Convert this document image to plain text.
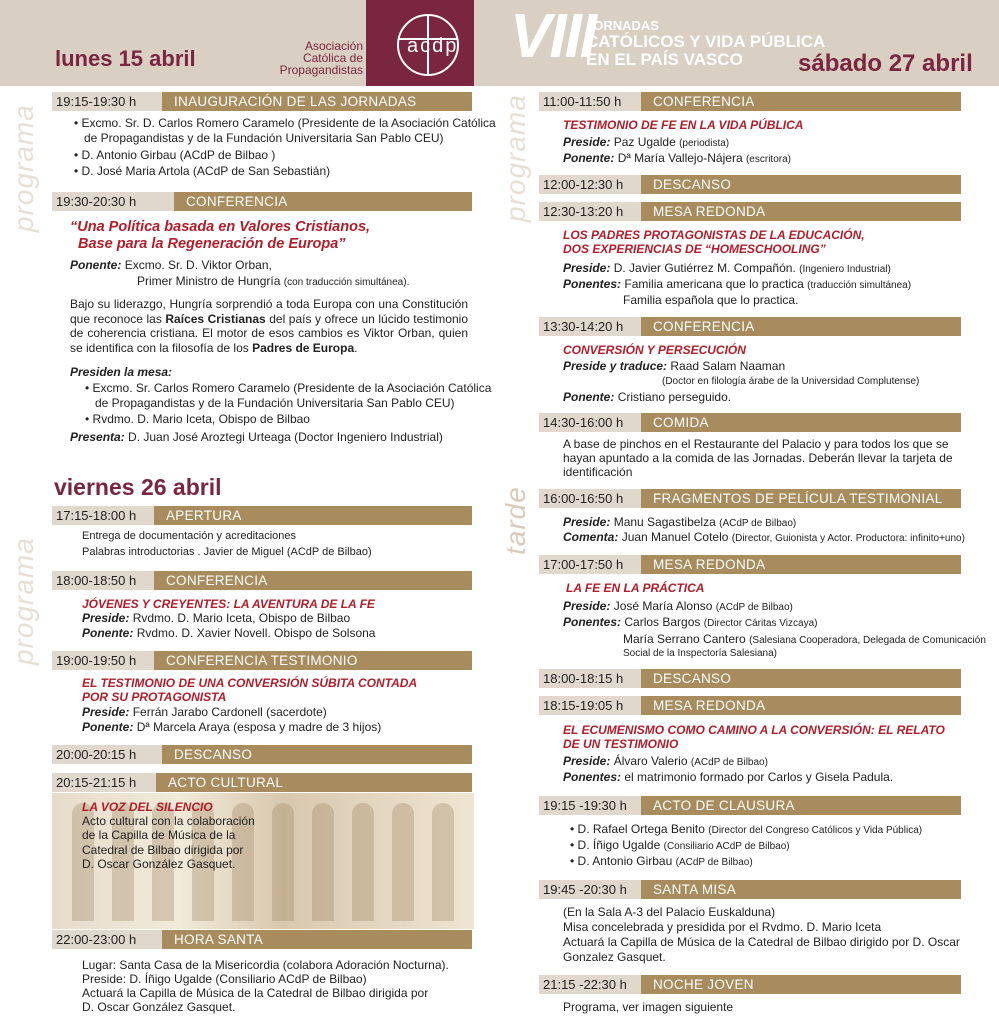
lunes 15 abril	Asociación
Católica de
Propagandistas
acdp VIII
JORNADAS
CATÓLICOS Y VIDA PÚBLICA
EN EL PAÍS VASCO	sábado 27 abril
programa
programa
programa
tarde
19:15-19:30 h	INAUGURACIÓN DE LAS JORNADAS
• Excmo. Sr. D. Carlos Romero Caramelo (Presidente de la Asociación Católica
de Propagandistas y de la Fundación Universitaria San Pablo CEU)
• D. Antonio Girbau (ACdP de Bilbao )
• D. José Maria Artola (ACdP de San Sebastián)
19:30-20:30 h	CONFERENCIA
“Una Política basada en Valores Cristianos,
Base para la Regeneración de Europa”
Ponente: Excmo. Sr. D. Viktor Orban,
Primer Ministro de Hungría (con traducción simultánea).
Bajo su liderazgo, Hungría sorprendió a toda Europa con una Constitución que reconoce las Raíces Cristianas del país y ofrece un lúcido testimonio de coherencia cristiana. El motor de esos cambios es Viktor Orban, quien se identifica con la filosofía de los Padres de Europa.
Presiden la mesa:
• Excmo. Sr. Carlos Romero Caramelo (Presidente de la Asociación Católica
de Propagandistas y de la Fundación Universitaria San Pablo CEU)
• Rvdmo. D. Mario Iceta, Obispo de Bilbao
Presenta: D. Juan José Aroztegi Urteaga (Doctor Ingeniero Industrial)
viernes 26 abril
17:15-18:00 h	APERTURA
Entrega de documentación y acreditaciones
Palabras introductorias . Javier de Miguel (ACdP de Bilbao)
18:00-18:50 h	CONFERENCIA
JÓVENES Y CREYENTES: LA AVENTURA DE LA FE
Preside: Rvdmo. D. Mario Iceta, Obispo de Bilbao
Ponente: Rvdmo. D. Xavier Novell. Obispo de Solsona
19:00-19:50 h	CONFERENCIA TESTIMONIO
EL TESTIMONIO DE UNA CONVERSIÓN SÚBITA CONTADA
POR SU PROTAGONISTA
Preside: Ferrán Jarabo Cardonell (sacerdote)
Ponente: Dª Marcela Araya (esposa y madre de 3 hijos)
20:00-20:15 h	DESCANSO
20:15-21:15 h	ACTO CULTURAL
LA VOZ DEL SILENCIO
Acto cultural con la colaboración
de la Capilla de Música de la
Catedral de Bilbao dirigida por
D. Oscar González Gasquet.
22:00-23:00 h	HORA SANTA
Lugar: Santa Casa de la Misericordia (colabora Adoración Nocturna).
Preside: D. Íñigo Ugalde (Consiliario ACdP de Bilbao)
Actuará la Capilla de Música de la Catedral de Bilbao dirigida por
D. Oscar González Gasquet.
11:00-11:50 h	CONFERENCIA
TESTIMONIO DE FE EN LA VIDA PÚBLICA
Preside: Paz Ugalde (periodista)
Ponente: Dª María Vallejo-Nájera (escritora)
12:00-12:30 h	DESCANSO
12:30-13:20 h	MESA REDONDA
LOS PADRES PROTAGONISTAS DE LA EDUCACIÓN,
DOS EXPERIENCIAS DE “HOMESCHOOLING”
Preside: D. Javier Gutiérrez M. Compañón. (Ingeniero Industrial)
Ponentes: Familia americana que lo practica (traducción simultánea)
Familia española que lo practica.
13:30-14:20 h	CONFERENCIA
CONVERSIÓN Y PERSECUCIÓN
Preside y traduce: Raad Salam Naaman
(Doctor en filología árabe de la Universidad Complutense)
Ponente: Cristiano perseguido.
14:30-16:00 h	COMIDA
A base de pinchos en el Restaurante del Palacio y para todos los que se
hayan apuntado a la comida de las Jornadas. Deberán llevar la tarjeta de
identificación
16:00-16:50 h	FRAGMENTOS DE PELÍCULA TESTIMONIAL
Preside: Manu Sagastibelza (ACdP de Bilbao)
Comenta: Juan Manuel Cotelo (Director, Guionista y Actor. Productora: infinito+uno)
17:00-17:50 h	MESA REDONDA
LA FE EN LA PRÁCTICA
Preside: José María Alonso (ACdP de Bilbao)
Ponentes: Carlos Bargos (Director Cáritas Vizcaya)
María Serrano Cantero (Salesiana Cooperadora, Delegada de Comunicación
Social de la Inspectoría Salesiana)
18:00-18:15 h	DESCANSO
18:15-19:05 h	MESA REDONDA
EL ECUMENISMO COMO CAMINO A LA CONVERSIÓN: EL RELATO
DE UN TESTIMONIO
Preside: Álvaro Valerio (ACdP de Bilbao)
Ponentes: el matrimonio formado por Carlos y Gisela Padula.
19:15 -19:30 h	ACTO DE CLAUSURA
• D. Rafael Ortega Benito (Director del Congreso Católicos y Vida Pública)
• D. Íñigo Ugalde (Consiliario ACdP de Bilbao)
• D. Antonio Girbau (ACdP de Bilbao)
19:45 -20:30 h	SANTA MISA
(En la Sala A-3 del Palacio Euskalduna)
Misa concelebrada y presidida por el Rvdmo. D. Mario Iceta
Actuará la Capilla de Música de la Catedral de Bilbao dirigido por D. Oscar
Gonzalez Gasquet.
21:15 -22:30 h	NOCHE JOVEN
Programa, ver imagen siguiente
